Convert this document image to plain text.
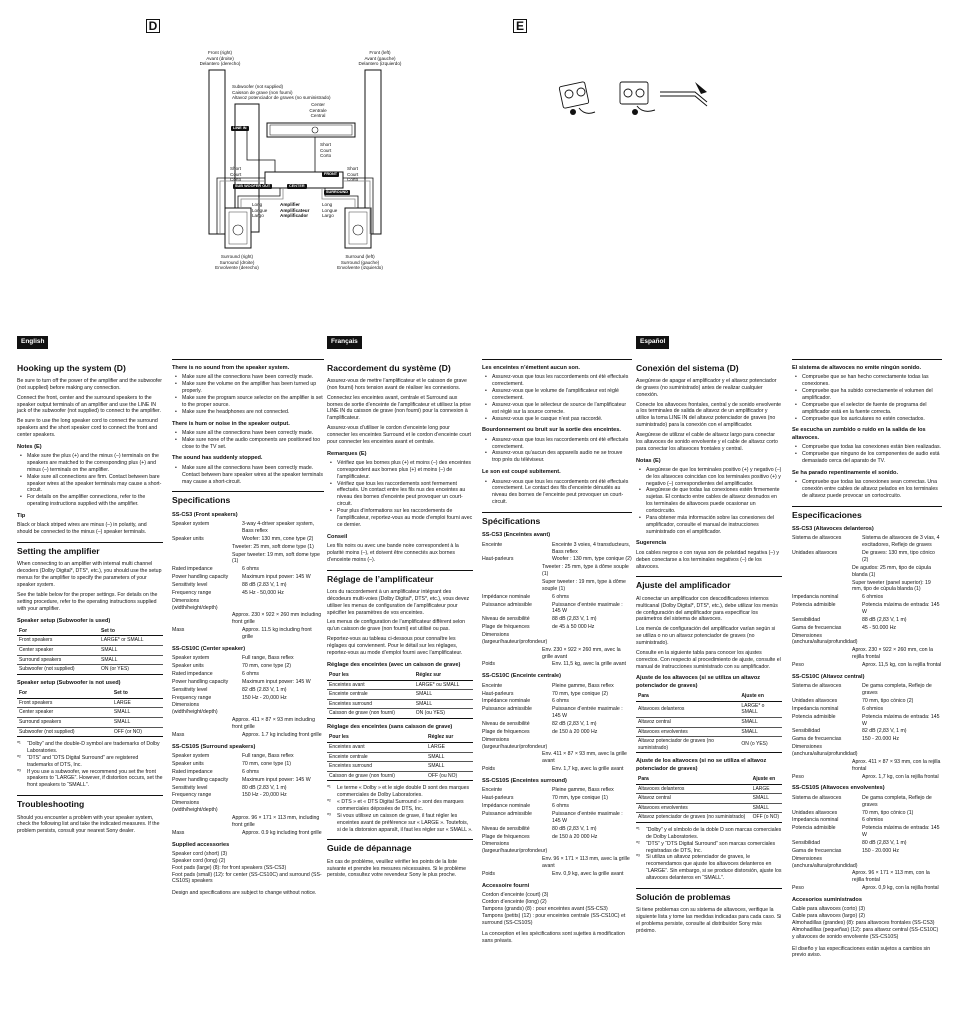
D	E
Front (right)
Avant (droite)
Delantero (derecho)
Front (left)
Avant (gauche)
Delantero (izquierdo)
Subwoofer (not supplied)
Caisson de grave (non fourni)
Altavoz potenciador de graves (no suministrado)
Center
Centrale
Central
Short
Court
Corto
Short
Court
Corto
Short
Court
Corto
Long
Longue
Largo
Long
Longue
Largo
Amplifier
Amplificateur
Amplificador
Surround (right)
Surround (droite)
Envolvente (derecho)
Surround (left)
Surround (gauche)
Envolvente (izquierdo)
LINE IN
SUB WOOFER OUT	CENTER
FRONT
SURROUND
English

Hooking up the system (D)

Be sure to turn off the power of the amplifier and the subwoofer (not supplied) before making any connection.

Connect the front, center and the surround speakers to the speaker output terminals of an amplifier and use the LINE IN jack of the subwoofer (not supplied) to connect to the amplifier.

Be sure to use the long speaker cord to connect the surround speakers and the short speaker cord to connect the front and center speakers.

Notes (E)
• Make sure the plus (+) and the minus (–) terminals on the speakers are matched to the corresponding plus (+) and minus (–) terminals on the amplifier.
• Make sure all connections are firm. Contact between bare speaker wires at the speaker terminals may cause a short-circuit.
• For details on the amplifier connections, refer to the operating instructions supplied with the amplifier.
Tip

Black or black striped wires are minus (–) in polarity, and should be connected to the minus (–) speaker terminals.

Setting the amplifier

When connecting to an amplifier with internal multi channel decoders (Dolby Digital*, DTS*, etc.), you should use the setup menus for the amplifier to specify the parameters of your speaker system.

See the table below for the proper settings. For details on the setting procedure, refer to the operating instructions supplied with your amplifier.

Speaker setup (Subwoofer is used)
For	Set to
Front speakers	LARGE* or SMALL
Center speaker	SMALL
Surround speakers	SMALL
Subwoofer (not supplied)	ON (or YES)
Speaker setup (Subwoofer is not used)
For	Set to
Front speakers	LARGE
Center speaker	SMALL
Surround speakers	SMALL
Subwoofer (not supplied)	OFF (or NO)
*¹ “Dolby” and the double-D symbol are trademarks of Dolby Laboratories.
*² “DTS” and “DTS Digital Surround” are registered trademarks of DTS, Inc.
*³ If you use a subwoofer, we recommend you set the front speakers to “LARGE”. However, if distortion occurs, set the front speakers to “SMALL”.
Troubleshooting

Should you encounter a problem with your speaker system, check the following list and take the indicated measures. If the problem persists, consult your nearest Sony dealer.

There is no sound from the speaker system.
• Make sure all the connections have been correctly made.
• Make sure the volume on the amplifier has been turned up properly.
• Make sure the program source selector on the amplifier is set to the proper source.
• Make sure the headphones are not connected.
There is hum or noise in the speaker output.
• Make sure all the connections have been correctly made.
• Make sure none of the audio components are positioned too close to the TV set.
The sound has suddenly stopped.
• Make sure all the connections have been correctly made. Contact between bare speaker wires at the speaker terminals may cause a short-circuit.
Specifications
SS-CS3 (Front speakers)
Speaker system	3-way 4-driver speaker system, Bass reflex
Speaker units	Woofer: 130 mm, cone type (2)
Tweeter: 25 mm, soft dome type (1)
Super tweeter: 19 mm, soft dome type (1)
Rated impedance	6 ohms
Power handling capacity	Maximum input power: 145 W
Sensitivity level	88 dB (2.83 V, 1 m)
Frequency range	45 Hz - 50,000 Hz
Dimensions (width/height/depth)
Approx. 230 × 922 × 260 mm including front grille
Mass	Approx. 11.5 kg including front grille
SS-CS10C (Center speaker)
Speaker system	Full range, Bass reflex
Speaker units	70 mm, cone type (2)
Rated impedance	6 ohms
Power handling capacity	Maximum input power: 145 W
Sensitivity level	82 dB (2.83 V, 1 m)
Frequency range	150 Hz - 20,000 Hz
Dimensions (width/height/depth)
Approx. 411 × 87 × 93 mm including front grille
Mass	Approx. 1.7 kg including front grille
SS-CS10S (Surround speakers)
Speaker system	Full range, Bass reflex
Speaker units	70 mm, cone type (1)
Rated impedance	6 ohms
Power handling capacity	Maximum input power: 145 W
Sensitivity level	80 dB (2.83 V, 1 m)
Frequency range	150 Hz - 20,000 Hz
Dimensions (width/height/depth)
Approx. 96 × 171 × 113 mm, including front grille
Mass	Approx. 0.9 kg including front grille
Supplied accessories
Speaker cord (short) (3)
Speaker cord (long) (2)
Foot pads (large) (8): for front speakers (SS-CS3)
Foot pads (small) (12): for center (SS-CS10C) and surround (SS-CS10S) speakers

Design and specifications are subject to change without notice.

Français

Raccordement du système (D)

Assurez-vous de mettre l’amplificateur et le caisson de grave (non fourni) hors tension avant de réaliser les connexions.

Connectez les enceintes avant, centrale et Surround aux bornes de sortie d’enceinte de l’amplificateur et utilisez la prise LINE IN du caisson de grave (non fourni) pour la connexion à l’amplificateur.

Assurez-vous d’utiliser le cordon d’enceinte long pour connecter les enceintes Surround et le cordon d’enceinte court pour connecter les enceintes avant et centrale.

Remarques (E)
• Vérifiez que les bornes plus (+) et moins (–) des enceintes correspondent aux bornes plus (+) et moins (–) de l’amplificateur.
• Vérifiez que tous les raccordements sont fermement effectués. Un contact entre les fils nus des enceintes au niveau des bornes d’enceinte peut provoquer un court-circuit.
• Pour plus d’informations sur les raccordements de l’amplificateur, reportez-vous au mode d’emploi fourni avec ce dernier.
Conseil

Les fils noirs ou avec une bande noire correspondent à la polarité moins (–), et doivent être connectés aux bornes d’enceinte moins (–).

Réglage de l’amplificateur

Lors du raccordement à un amplificateur intégrant des décodeurs multi-voies (Dolby Digital*, DTS*, etc.), vous devez utiliser les menus de configuration de l’amplificateur pour spécifier les paramètres de vos enceintes.

Les menus de configuration de l’amplificateur diffèrent selon qu’un caisson de grave (non fourni) est utilisé ou pas.

Reportez-vous au tableau ci-dessous pour connaître les réglages qui conviennent. Pour le détail sur les réglages, reportez-vous au mode d’emploi fourni avec l’amplificateur.

Réglage des enceintes (avec un caisson de grave)
Pour les	Réglez sur
Enceintes avant	LARGE* ou SMALL
Enceinte centrale	SMALL
Enceintes surround	SMALL
Caisson de grave (non fourni)	ON (ou YES)
Réglage des enceintes (sans caisson de grave)
Pour les	Réglez sur
Enceintes avant	LARGE
Enceinte centrale	SMALL
Enceintes surround	SMALL
Caisson de grave (non fourni)	OFF (ou NO)
*¹ Le terme « Dolby » et le sigle double D sont des marques commerciales de Dolby Laboratories.
*² « DTS » et « DTS Digital Surround » sont des marques commerciales déposées de DTS, Inc.
*³ Si vous utilisez un caisson de grave, il faut régler les enceintes avant de préférence sur « LARGE ». Toutefois, si de la distorsion apparaît, il faut les régler sur « SMALL ».
Guide de dépannage

En cas de problème, veuillez vérifier les points de la liste suivante et prendre les mesures nécessaires. Si le problème persiste, consultez votre revendeur Sony le plus proche.

Les enceintes n’émettent aucun son.
• Assurez-vous que tous les raccordements ont été effectués correctement.
• Assurez-vous que le volume de l’amplificateur est réglé correctement.
• Assurez-vous que le sélecteur de source de l’amplificateur est réglé sur la source correcte.
• Assurez-vous que le casque n’est pas raccordé.
Bourdonnement ou bruit sur la sortie des enceintes.
• Assurez-vous que tous les raccordements ont été effectués correctement.
• Assurez-vous qu’aucun des appareils audio ne se trouve trop près du téléviseur.
Le son est coupé subitement.
• Assurez-vous que tous les raccordements ont été effectués correctement. Le contact des fils d’enceinte dénudés au niveau des bornes de l’enceinte peut provoquer un court-circuit.
Spécifications
SS-CS3 (Enceintes avant)
Enceinte	Enceinte 3 voies, 4 transducteurs, Bass reflex
Haut-parleurs	Woofer : 130 mm, type conique (2)
Tweeter : 25 mm, type à dôme souple (1)
Super tweeter : 19 mm, type à dôme souple (1)
Impédance nominale	6 ohms
Puissance admissible	Puissance d’entrée maximale : 145 W
Niveau de sensibilité	88 dB (2,83 V, 1 m)
Plage de fréquences	de 45 à 50 000 Hz
Dimensions (largeur/hauteur/profondeur)
Env. 230 × 922 × 260 mm, avec la grille avant
Poids	Env. 11,5 kg, avec la grille avant
SS-CS10C (Enceinte centrale)
Enceinte	Pleine gamme, Bass reflex
Haut-parleurs	70 mm, type conique (2)
Impédance nominale	6 ohms
Puissance admissible	Puissance d’entrée maximale : 145 W
Niveau de sensibilité	82 dB (2,83 V, 1 m)
Plage de fréquences	de 150 à 20 000 Hz
Dimensions (largeur/hauteur/profondeur)
Env. 411 × 87 × 93 mm, avec la grille avant
Poids	Env. 1,7 kg, avec la grille avant
SS-CS10S (Enceintes surround)
Enceinte	Pleine gamme, Bass reflex
Haut-parleurs	70 mm, type conique (1)
Impédance nominale	6 ohms
Puissance admissible	Puissance d’entrée maximale : 145 W
Niveau de sensibilité	80 dB (2,83 V, 1 m)
Plage de fréquences	de 150 à 20 000 Hz
Dimensions (largeur/hauteur/profondeur)
Env. 96 × 171 × 113 mm, avec la grille avant
Poids	Env. 0,9 kg, avec la grille avant
Accessoire fourni
Cordon d’enceinte (court) (3)
Cordon d’enceinte (long) (2)
Tampons (grands) (8) : pour enceintes avant (SS-CS3)
Tampons (petits) (12) : pour enceintes centrale (SS-CS10C) et surround (SS-CS10S)

La conception et les spécifications sont sujettes à modification sans préavis.

Español

Conexión del sistema (D)

Asegúrese de apagar el amplificador y el altavoz potenciador de graves (no suministrado) antes de realizar cualquier conexión.

Conecte los altavoces frontales, central y de sonido envolvente a los terminales de salida de altavoz de un amplificador y utilice la toma LINE IN del altavoz potenciador de graves (no suministrado) para la conexión con el amplificador.

Asegúrese de utilizar el cable de altavoz largo para conectar los altavoces de sonido envolvente y el cable de altavoz corto para conectar los altavoces frontales y central.

Notas (E)
• Asegúrese de que los terminales positivo (+) y negativo (–) de los altavoces coincidan con los terminales positivo (+) y negativo (–) correspondientes del amplificador.
• Asegúrese de que todas las conexiones estén firmemente sujetas. El contacto entre cables de altavoz desnudos en los terminales de altavoces puede ocasionar un cortocircuito.
• Para obtener más información sobre las conexiones del amplificador, consulte el manual de instrucciones suministrado con el amplificador.
Sugerencia

Los cables negros o con rayas son de polaridad negativa (–) y deben conectarse a los terminales negativos (–) de los altavoces.

Ajuste del amplificador

Al conectar un amplificador con descodificadores internos multicanal (Dolby Digital*, DTS*, etc.), debe utilizar los menús de configuración del amplificador para especificar los parámetros del sistema de altavoces.

Los menús de configuración del amplificador varían según si se utiliza o no un altavoz potenciador de graves (no suministrado).

Consulte en la siguiente tabla para conocer los ajustes correctos. Con respecto al procedimiento de ajuste, consulte el manual de instrucciones suministrado con su amplificador.

Ajuste de los altavoces (si se utiliza un altavoz potenciador de graves)
Para	Ajuste en
Altavoces delanteros	LARGE* o SMALL
Altavoz central	SMALL
Altavoces envolventes	SMALL
Altavoz potenciador de graves (no suministrado)	ON (o YES)
Ajuste de los altavoces (si no se utiliza el altavoz potenciador de graves)
Para	Ajuste en
Altavoces delanteros	LARGE
Altavoz central	SMALL
Altavoces envolventes	SMALL
Altavoz potenciador de graves (no suministrado)	OFF (o NO)
*¹ “Dolby” y el símbolo de la doble D son marcas comerciales de Dolby Laboratories.
*² “DTS” y “DTS Digital Surround” son marcas comerciales registradas de DTS, Inc.
*³ Si utiliza un altavoz potenciador de graves, le recomendamos que ajuste los altavoces delanteros en “LARGE”. Sin embargo, si se produce distorsión, ajuste los altavoces delanteros en “SMALL”.
Solución de problemas

Si tiene problemas con su sistema de altavoces, verifique la siguiente lista y tome las medidas indicadas para cada caso. Si el problema persiste, consulte al distribuidor Sony más próximo.

El sistema de altavoces no emite ningún sonido.
• Compruebe que se han hecho correctamente todas las conexiones.
• Compruebe que ha subido correctamente el volumen del amplificador.
• Compruebe que el selector de fuente de programa del amplificador está en la fuente correcta.
• Compruebe que los auriculares no estén conectados.
Se escucha un zumbido o ruido en la salida de los altavoces.
• Compruebe que todas las conexiones están bien realizadas.
• Compruebe que ninguno de los componentes de audio está demasiado cerca del aparato de TV.
Se ha parado repentinamente el sonido.
• Compruebe que todas las conexiones sean correctas. Una conexión entre cables de altavoz pelados en los terminales de altavoz puede provocar un cortocircuito.
Especificaciones
SS-CS3 (Altavoces delanteros)
Sistema de altavoces	Sistema de altavoces de 3 vías, 4 excitadores, Reflejo de graves
Unidades altavoces	De graves: 130 mm, tipo cónico (2)
De agudos: 25 mm, tipo de cúpula blanda (1)
Super tweeter (panel superior): 19 mm, tipo de cúpula blanda (1)
Impedancia nominal	6 ohmios
Potencia admisible	Potencia máxima de entrada: 145 W
Sensibilidad	88 dB (2,83 V, 1 m)
Gama de frecuencias	45 - 50.000 Hz
Dimensiones (anchura/altura/profundidad)
Aprox. 230 × 922 × 260 mm, con la rejilla frontal
Peso	Aprox. 11,5 kg, con la rejilla frontal
SS-CS10C (Altavoz central)
Sistema de altavoces	De gama completa, Reflejo de graves
Unidades altavoces	70 mm, tipo cónico (2)
Impedancia nominal	6 ohmios
Potencia admisible	Potencia máxima de entrada: 145 W
Sensibilidad	82 dB (2,83 V, 1 m)
Gama de frecuencias	150 - 20.000 Hz
Dimensiones (anchura/altura/profundidad)
Aprox. 411 × 87 × 93 mm, con la rejilla frontal
Peso	Aprox. 1,7 kg, con la rejilla frontal
SS-CS10S (Altavoces envolventes)
Sistema de altavoces	De gama completa, Reflejo de graves
Unidades altavoces	70 mm, tipo cónico (1)
Impedancia nominal	6 ohmios
Potencia admisible	Potencia máxima de entrada: 145 W
Sensibilidad	80 dB (2,83 V, 1 m)
Gama de frecuencias	150 - 20.000 Hz
Dimensiones (anchura/altura/profundidad)
Aprox. 96 × 171 × 113 mm, con la rejilla frontal
Peso	Aprox. 0,9 kg, con la rejilla frontal
Accesorios suministrados
Cable para altavoces (corto) (3)
Cable para altavoces (largo) (2)
Almohadillas (grandes) (8): para altavoces frontales (SS-CS3)
Almohadillas (pequeñas) (12): para altavoz central (SS-CS10C) y altavoces de sonido envolvente (SS-CS10S)

El diseño y las especificaciones están sujetos a cambios sin previo aviso.
